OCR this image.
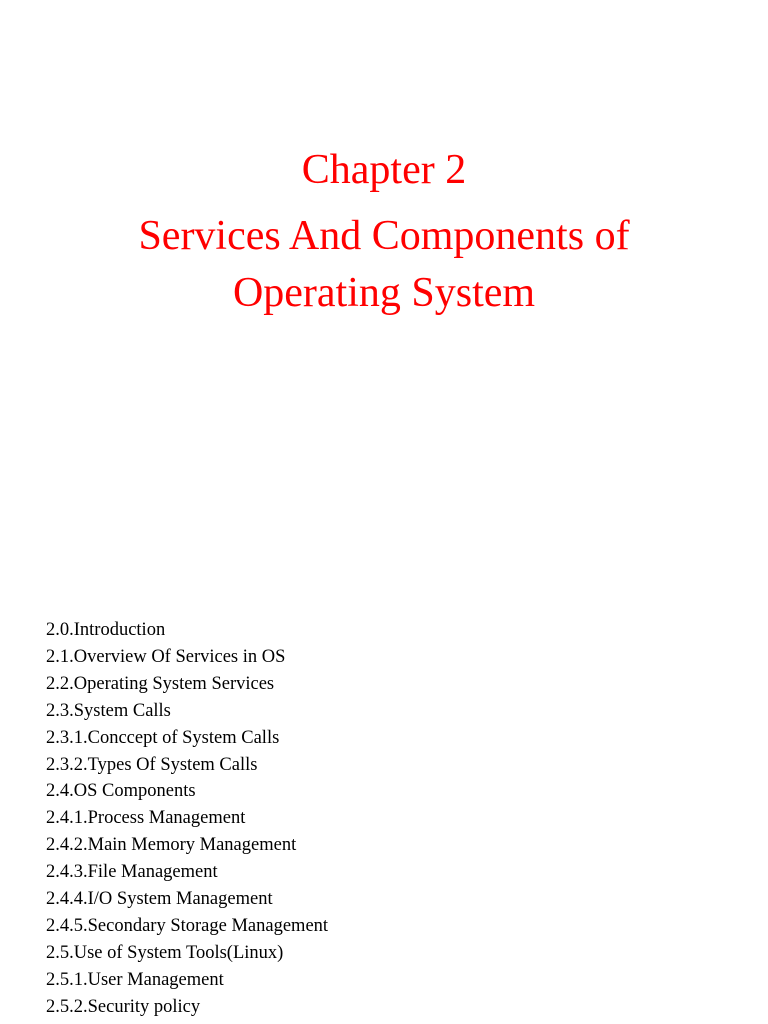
Chapter 2
Services And Components of Operating System
2.0.Introduction
2.1.Overview Of Services in OS
2.2.Operating System Services
2.3.System Calls
2.3.1.Conccept of System Calls
2.3.2.Types Of System Calls
2.4.OS Components
2.4.1.Process Management
2.4.2.Main Memory Management
2.4.3.File Management
2.4.4.I/O System Management
2.4.5.Secondary Storage Management
2.5.Use of System Tools(Linux)
2.5.1.User Management
2.5.2.Security policy
